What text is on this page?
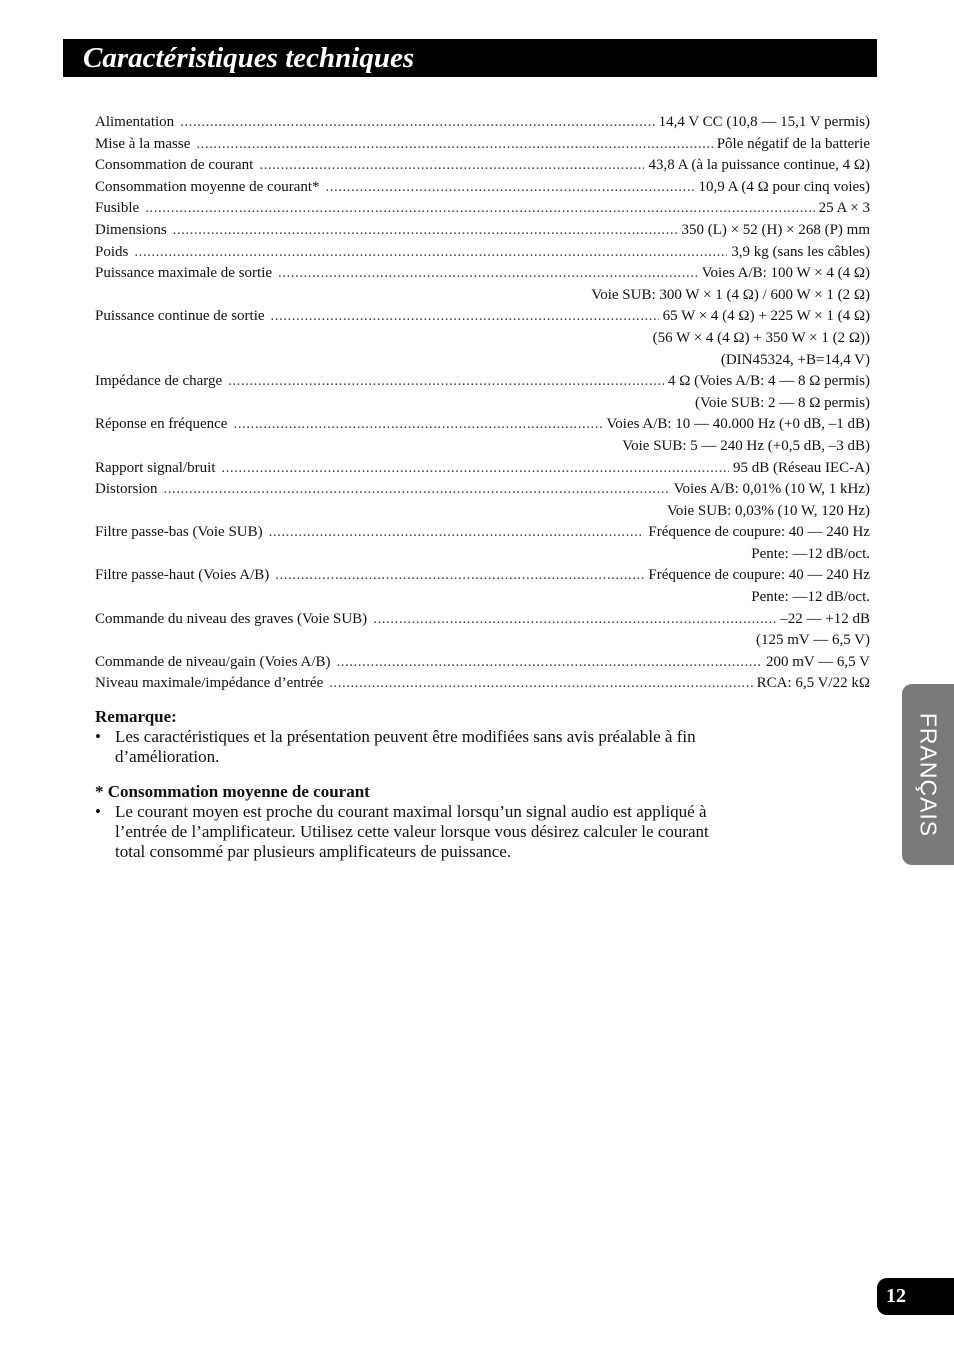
Caractéristiques techniques
Alimentation .....	14,4 V CC (10,8 — 15,1 V permis)
Mise à la masse .....	Pôle négatif de la batterie
Consommation de courant .....	43,8 A (à la puissance continue, 4 Ω)
Consommation moyenne de courant* .....	10,9 A (4 Ω pour cinq voies)
Fusible .....	25 A × 3
Dimensions .....	350 (L) × 52 (H) × 268 (P) mm
Poids .....	3,9 kg (sans les câbles)
Puissance maximale de sortie .....	Voies A/B: 100 W × 4 (4 Ω)
Voie SUB: 300 W × 1 (4 Ω) / 600 W × 1 (2 Ω)
Puissance continue de sortie .....	65 W × 4 (4 Ω) + 225 W × 1 (4 Ω)
(56 W × 4 (4 Ω) + 350 W × 1 (2 Ω))
(DIN45324, +B=14,4 V)
Impédance de charge .....	4 Ω (Voies A/B: 4 — 8 Ω permis)
(Voie SUB: 2 — 8 Ω permis)
Réponse en fréquence .....	Voies A/B: 10 — 40.000 Hz (+0 dB, –1 dB)
Voie SUB: 5 — 240 Hz (+0,5 dB, –3 dB)
Rapport signal/bruit .....	95 dB (Réseau IEC-A)
Distorsion .....	Voies A/B: 0,01% (10 W, 1 kHz)
Voie SUB: 0,03% (10 W, 120 Hz)
Filtre passe-bas (Voie SUB) .....	Fréquence de coupure: 40 — 240 Hz
Pente: —12 dB/oct.
Filtre passe-haut (Voies A/B) .....	Fréquence de coupure: 40 — 240 Hz
Pente: —12 dB/oct.
Commande du niveau des graves (Voie SUB) .....	–22 — +12 dB
(125 mV — 6,5 V)
Commande de niveau/gain (Voies A/B) .....	200 mV — 6,5 V
Niveau maximale/impédance d’entrée .....	RCA: 6,5 V/22 kΩ

Remarque:

• Les caractéristiques et la présentation peuvent être modifiées sans avis préalable à fin d’amélioration.

* Consommation moyenne de courant

• Le courant moyen est proche du courant maximal lorsqu’un signal audio est appliqué à l’entrée de l’amplificateur. Utilisez cette valeur lorsque vous désirez calculer le courant total consommé par plusieurs amplificateurs de puissance.

FRANÇAIS
12
